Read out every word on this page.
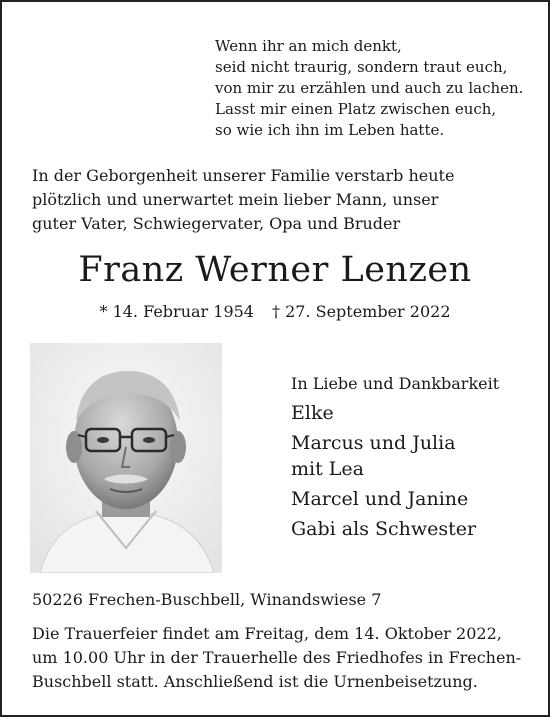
Wenn ihr an mich denkt,
seid nicht traurig, sondern traut euch,
von mir zu erzählen und auch zu lachen.
Lasst mir einen Platz zwischen euch,
so wie ich ihn im Leben hatte.
In der Geborgenheit unserer Familie verstarb heute
plötzlich und unerwartet mein lieber Mann, unser
guter Vater, Schwiegervater, Opa und Bruder
Franz Werner Lenzen
* 14. Februar 1954 † 27. September 2022
In Liebe und Dankbarkeit
Elke
Marcus und Julia
mit Lea
Marcel und Janine
Gabi als Schwester
50226 Frechen-Buschbell, Winandswiese 7
Die Trauerfeier findet am Freitag, dem 14. Oktober 2022,
um 10.00 Uhr in der Trauerhelle des Friedhofes in Frechen-
Buschbell statt. Anschließend ist die Urnenbeisetzung.
